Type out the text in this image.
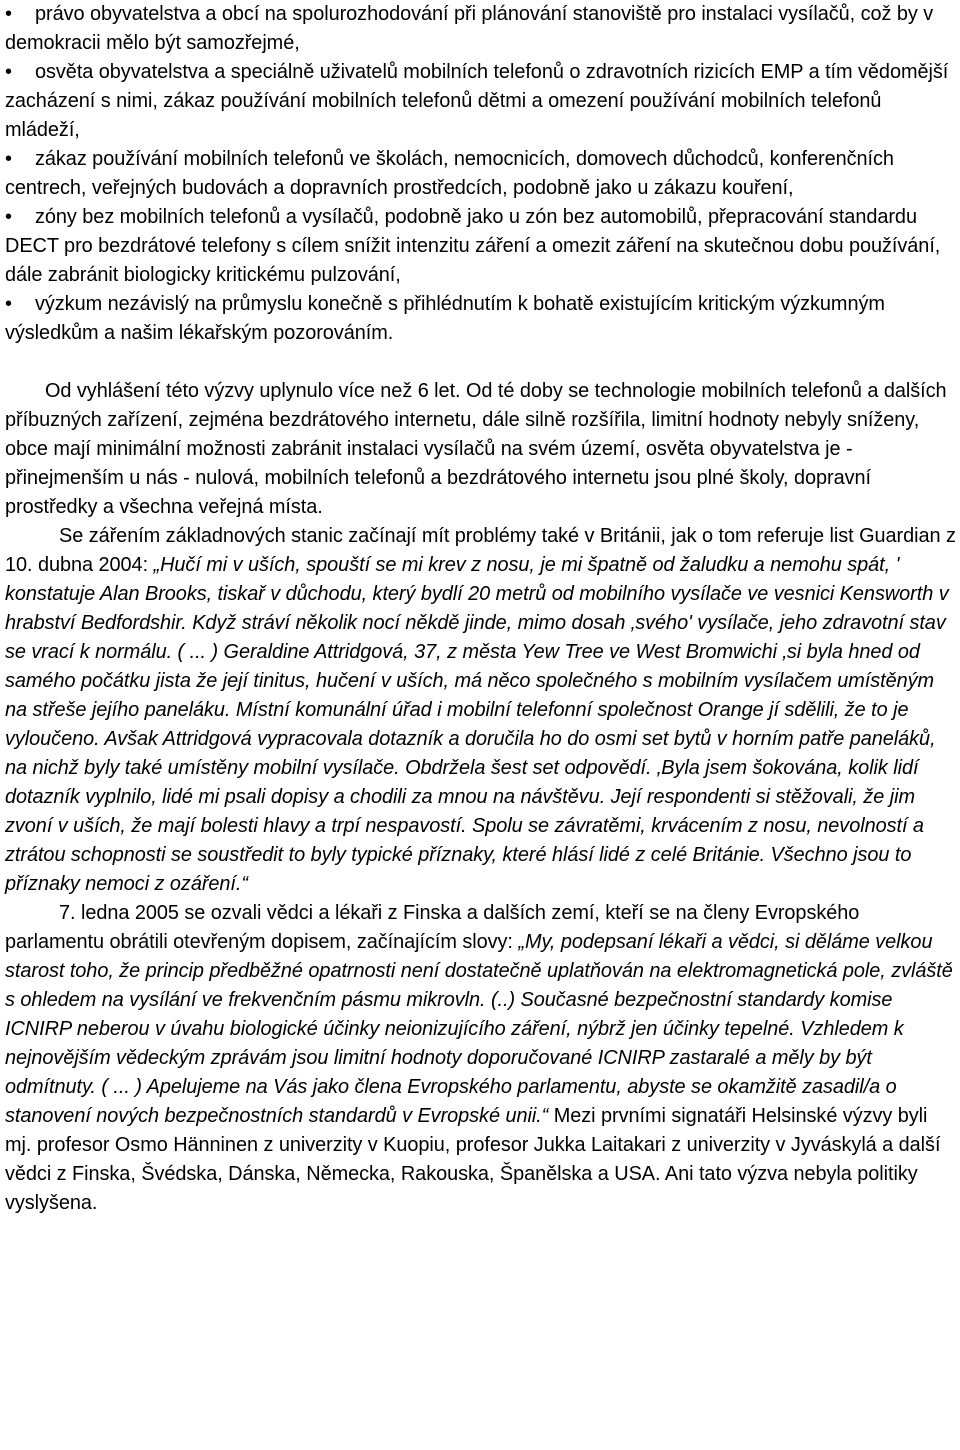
• právo obyvatelstva a obcí na spolurozhodování při plánování stanoviště pro instalaci vysílačů, což by v demokracii mělo být samozřejmé,
• osvěta obyvatelstva a speciálně uživatelů mobilních telefonů o zdravotních rizicích EMP a tím vědomější zacházení s nimi, zákaz používání mobilních telefonů dětmi a omezení používání mobilních telefonů mládeží,
• zákaz používání mobilních telefonů ve školách, nemocnicích, domovech důchodců, konferenčních centrech, veřejných budovách a dopravních prostředcích, podobně jako u zákazu kouření,
• zóny bez mobilních telefonů a vysílačů, podobně jako u zón bez automobilů, přepracování standardu DECT pro bezdrátové telefony s cílem snížit intenzitu záření a omezit záření na skutečnou dobu používání, dále zabránit biologicky kritickému pulzování,
• výzkum nezávislý na průmyslu konečně s přihlédnutím k bohatě existujícím kritickým výzkumným výsledkům a našim lékařským pozorováním.

Od vyhlášení této výzvy uplynulo více než 6 let. Od té doby se technologie mobilních telefonů a dalších příbuzných zařízení, zejména bezdrátového internetu, dále silně rozšířila, limitní hodnoty nebyly sníženy, obce mají minimální možnosti zabránit instalaci vysílačů na svém území, osvěta obyvatelstva je - přinejmenším u nás - nulová, mobilních telefonů a bezdrátového internetu jsou plné školy, dopravní prostředky a všechna veřejná místa.

Se zářením základnových stanic začínají mít problémy také v Británii, jak o tom referuje list Guardian z 10. dubna 2004: „Hučí mi v uších, spouští se mi krev z nosu, je mi špatně od žaludku a nemohu spát, ' konstatuje Alan Brooks, tiskař v důchodu, který bydlí 20 metrů od mobilního vysílače ve vesnici Kensworth v hrabství Bedfordshir. Když stráví několik nocí někdě jinde, mimo dosah ‚svého' vysílače, jeho zdravotní stav se vrací k normálu. ( ... ) Geraldine Attridgová, 37, z města Yew Tree ve West Bromwichi ‚si byla hned od samého počátku jista že její tinitus, hučení v uších, má něco společného s mobilním vysílačem umístěným na střeše jejího paneláku. Místní komunální úřad i mobilní telefonní společnost Orange jí sdělili, že to je vyloučeno. Avšak Attridgová vypracovala dotazník a doručila ho do osmi set bytů v horním patře paneláků, na nichž byly také umístěny mobilní vysílače. Obdržela šest set odpovědí. ‚Byla jsem šokována, kolik lidí dotazník vyplnilo, lidé mi psali dopisy a chodili za mnou na návštěvu. Její respondenti si stěžovali, že jim zvoní v uších, že mají bolesti hlavy a trpí nespavostí. Spolu se závratěmi, krvácením z nosu, nevolností a ztrátou schopnosti se soustředit to byly typické příznaky, které hlásí lidé z celé Británie. Všechno jsou to příznaky nemoci z ozáření.“

7. ledna 2005 se ozvali vědci a lékaři z Finska a dalších zemí, kteří se na členy Evropského parlamentu obrátili otevřeným dopisem, začínajícím slovy: „My, podepsaní lékaři a vědci, si děláme velkou starost toho, že princip předběžné opatrnosti není dostatečně uplatňován na elektromagnetická pole, zvláště s ohledem na vysílání ve frekvenčním pásmu mikrovln. (..) Současné bezpečnostní standardy komise ICNIRP neberou v úvahu biologické účinky neionizujícího záření, nýbrž jen účinky tepelné. Vzhledem k nejnovějším vědeckým zprávám jsou limitní hodnoty doporučované ICNIRP zastaralé a měly by být odmítnuty. ( ... ) Apelujeme na Vás jako člena Evropského parlamentu, abyste se okamžitě zasadil/a o stanovení nových bezpečnostních standardů v Evropské unii.“ Mezi prvními signatáři Helsinské výzvy byli mj. profesor Osmo Hänninen z univerzity v Kuopiu, profesor Jukka Laitakari z univerzity v Jyváskylá a další vědci z Finska, Švédska, Dánska, Německa, Rakouska, Španělska a USA. Ani tato výzva nebyla politiky vyslyšena.
